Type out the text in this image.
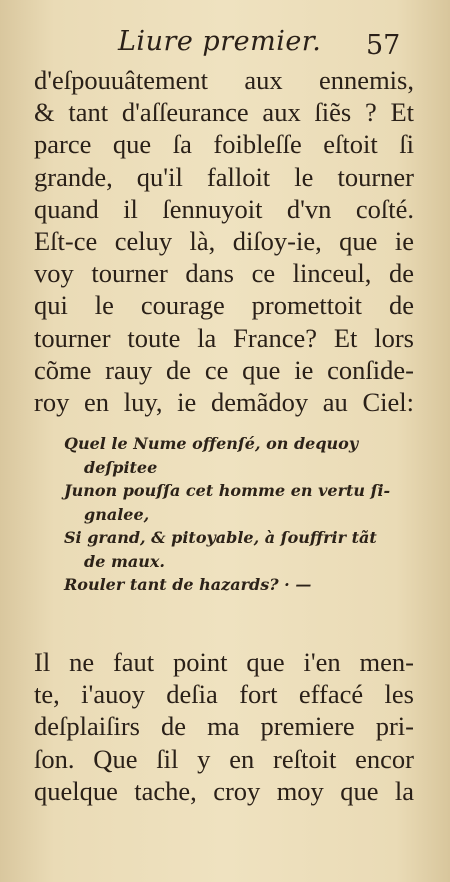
Liure premier. 57
d'eſpouuâtement aux ennemis,
& tant d'aſſeurance aux ſiẽs ? Et
parce que ſa foibleſſe eſtoit ſi
grande, qu'il falloit le tourner
quand il ſennuyoit d'vn coſté.
Eſt-ce celuy là, diſoy-ie, que ie
voy tourner dans ce linceul, de
qui le courage promettoit de
tourner toute la France? Et lors
cõme rauy de ce que ie conſide-
roy en luy, ie demãdoy au Ciel:
Quel le Nume offenſé, on dequoy
deſpitee
Junon pouſſa cet homme en vertu ſi-
gnalee,
Si grand, & pitoyable, à ſouffrir tãt
de maux.
Rouler tant de hazards? · —
Il ne faut point que i'en men-
te, i'auoy deſia fort effacé les
deſplaiſirs de ma premiere pri-
ſon. Que ſil y en reſtoit encor
quelque tache, croy moy que la
